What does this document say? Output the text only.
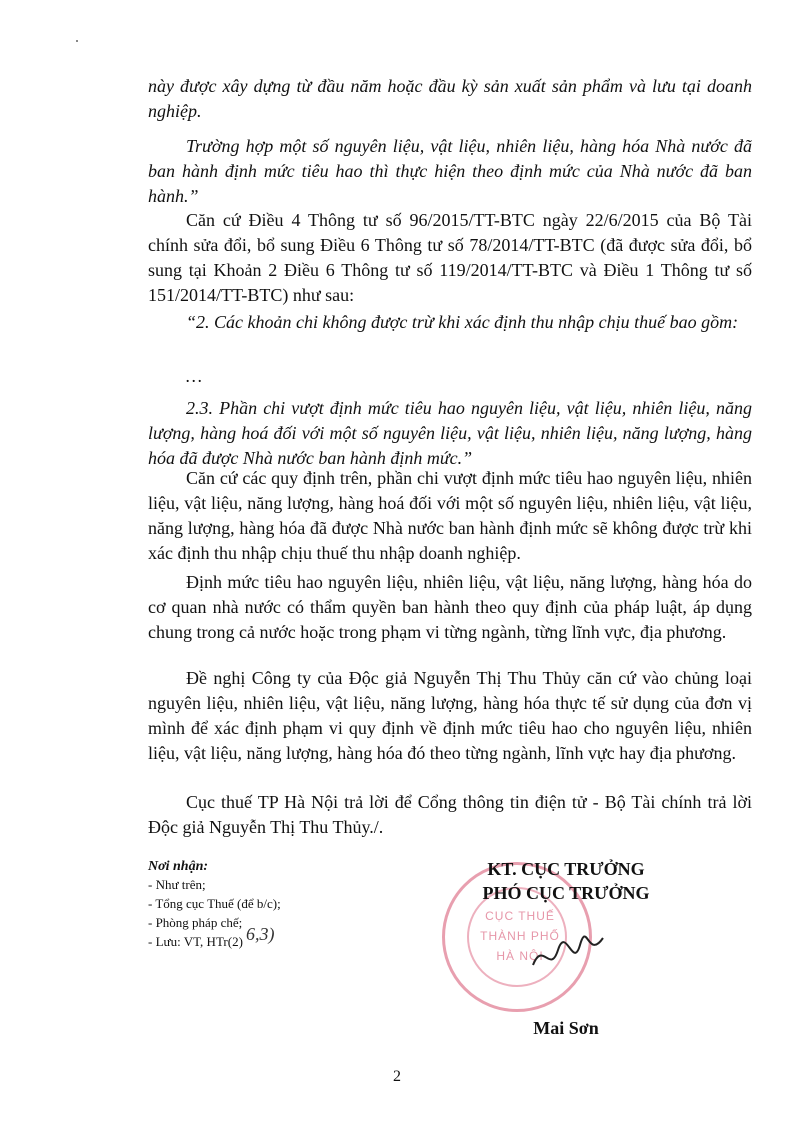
này được xây dựng từ đầu năm hoặc đầu kỳ sản xuất sản phẩm và lưu tại doanh nghiệp.

Trường hợp một số nguyên liệu, vật liệu, nhiên liệu, hàng hóa Nhà nước đã ban hành định mức tiêu hao thì thực hiện theo định mức của Nhà nước đã ban hành.”

Căn cứ Điều 4 Thông tư số 96/2015/TT-BTC ngày 22/6/2015 của Bộ Tài chính sửa đổi, bổ sung Điều 6 Thông tư số 78/2014/TT-BTC (đã được sửa đổi, bổ sung tại Khoản 2 Điều 6 Thông tư số 119/2014/TT-BTC và Điều 1 Thông tư số 151/2014/TT-BTC) như sau:

“2. Các khoản chi không được trừ khi xác định thu nhập chịu thuế bao gồm:

…

2.3. Phần chi vượt định mức tiêu hao nguyên liệu, vật liệu, nhiên liệu, năng lượng, hàng hoá đối với một số nguyên liệu, vật liệu, nhiên liệu, năng lượng, hàng hóa đã được Nhà nước ban hành định mức.”

Căn cứ các quy định trên, phần chi vượt định mức tiêu hao nguyên liệu, nhiên liệu, vật liệu, năng lượng, hàng hoá đối với một số nguyên liệu, nhiên liệu, vật liệu, năng lượng, hàng hóa đã được Nhà nước ban hành định mức sẽ không được trừ khi xác định thu nhập chịu thuế thu nhập doanh nghiệp.

Định mức tiêu hao nguyên liệu, nhiên liệu, vật liệu, năng lượng, hàng hóa do cơ quan nhà nước có thẩm quyền ban hành theo quy định của pháp luật, áp dụng chung trong cả nước hoặc trong phạm vi từng ngành, từng lĩnh vực, địa phương.

Đề nghị Công ty của Độc giả Nguyễn Thị Thu Thủy căn cứ vào chủng loại nguyên liệu, nhiên liệu, vật liệu, năng lượng, hàng hóa thực tế sử dụng của đơn vị mình để xác định phạm vi quy định về định mức tiêu hao cho nguyên liệu, nhiên liệu, vật liệu, năng lượng, hàng hóa đó theo từng ngành, lĩnh vực hay địa phương.

Cục thuế TP Hà Nội trả lời để Cổng thông tin điện tử - Bộ Tài chính trả lời Độc giả Nguyễn Thị Thu Thủy./.

Nơi nhận:
- Như trên;
- Tổng cục Thuế (để b/c);
- Phòng pháp chế;
- Lưu: VT, HTr(2) 6,3)
CỤC THUẾ
THÀNH PHỐ
HÀ NỘI
KT. CỤC TRƯỞNG
PHÓ CỤC TRƯỞNG
Mai Sơn
2
